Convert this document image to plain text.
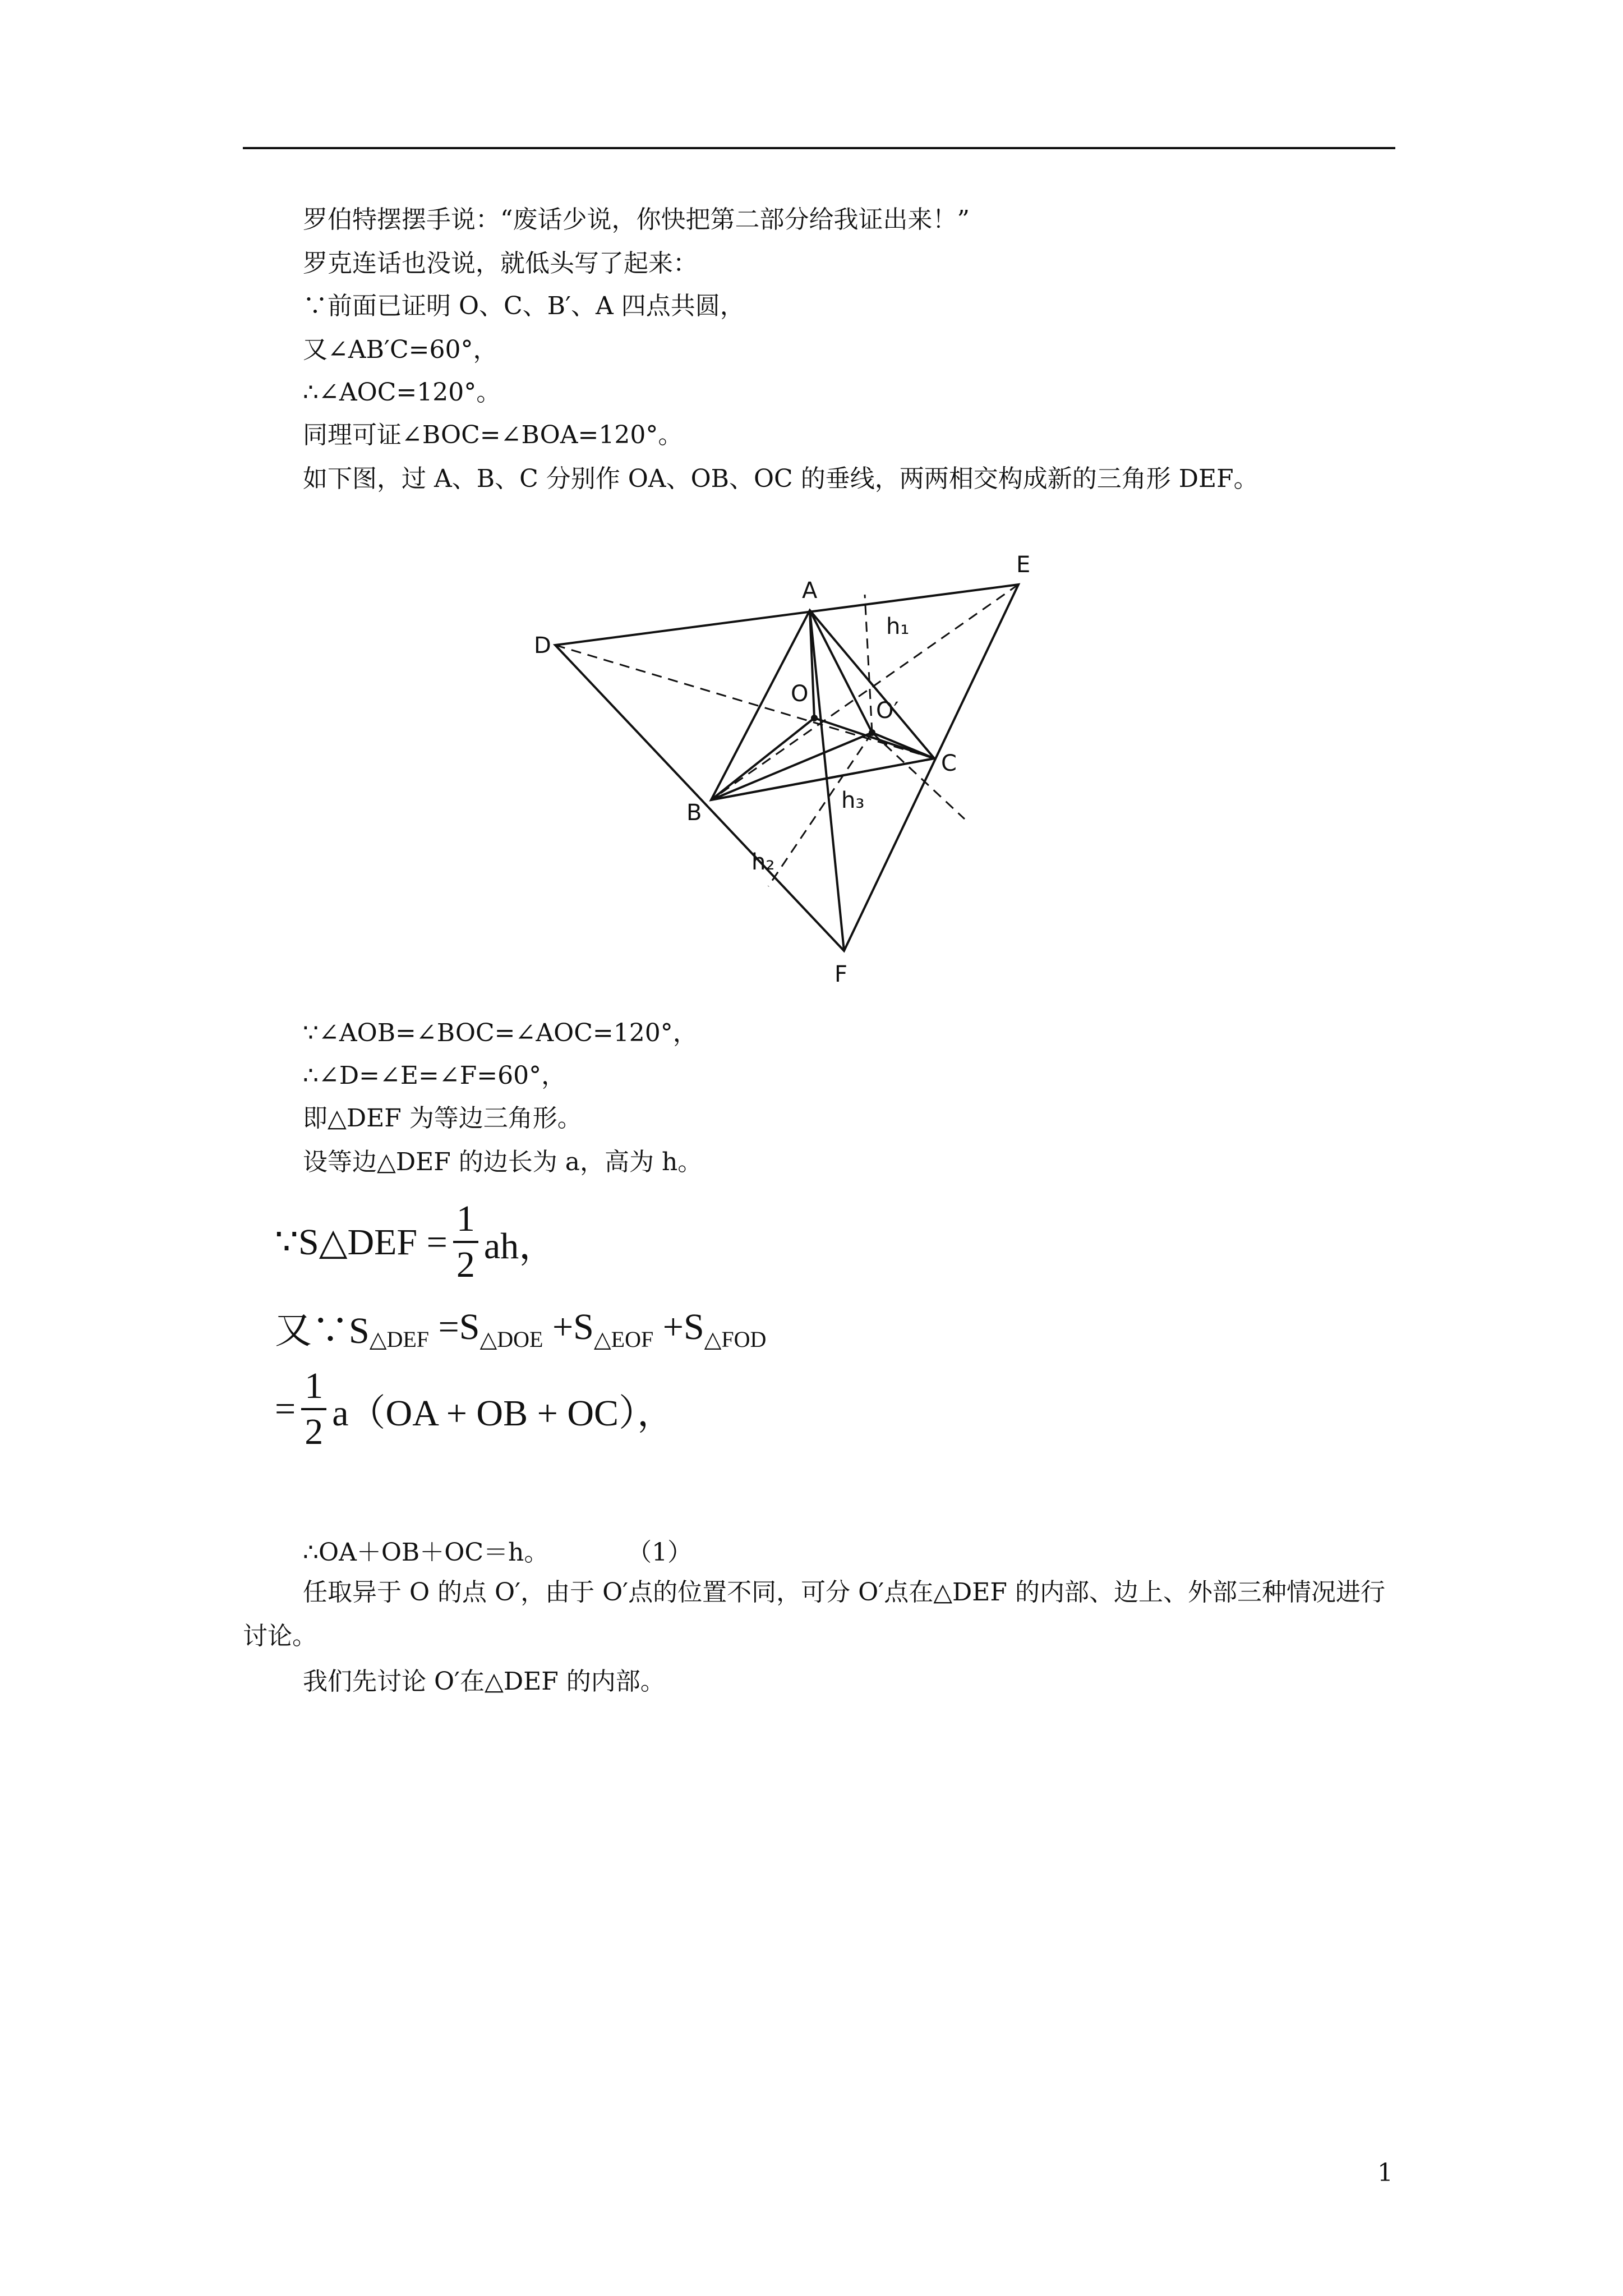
罗伯特摆摆手说：“废话少说，你快把第二部分给我证出来！”
罗克连话也没说，就低头写了起来：
∵前面已证明 O、C、B′、A 四点共圆，
又∠AB′C=60°，
∴∠AOC=120°。
同理可证∠BOC=∠BOA=120°。
如下图，过 A、B、C 分别作 OA、OB、OC 的垂线，两两相交构成新的三角形 DEF。
A
B
C
D
E
F
O
O′
h₁
h₂
h₃
∵∠AOB=∠BOC=∠AOC=120°，
∴∠D=∠E=∠F=60°，
即△DEF 为等边三角形。
设等边△DEF 的边长为 a，高为 h。
∵S△DEF = $\frac{1}{2}$ ah，
又∵S △DEF =S △DOE +S △EOF +S △FOD
= $\frac{1}{2} a(OA$ + OB + OC），
∴OA＋OB＋OC＝h。          （1）
任取异于 O 的点 O′，由于 O′点的位置不同，可分 O′点在△DEF 的内部、边上、外部三种情况进行讨论。
我们先讨论 O′在△DEF 的内部。
1
